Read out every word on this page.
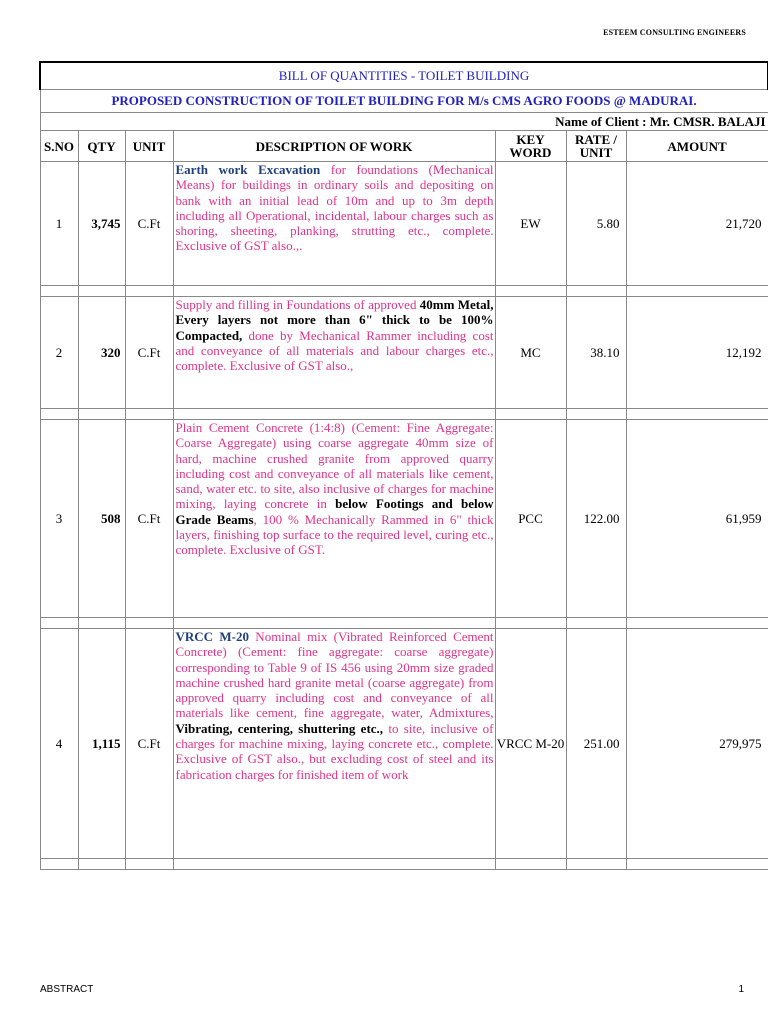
ESTEEM CONSULTING ENGINEERS
BILL OF QUANTITIES - TOILET BUILDING						
PROPOSED CONSTRUCTION OF TOILET BUILDING FOR M/s CMS AGRO FOODS @ MADURAI.						
Name of Client : Mr. CMSR. BALAJI						
S.NO	QTY	UNIT	DESCRIPTION OF WORK	KEY WORD	RATE / UNIT	AMOUNT
1	3,745	C.Ft	Earth work Excavation for foundations (Mechanical Means) for buildings in ordinary soils and depositing on bank with an initial lead of 10m and up to 3m depth including all Operational, incidental, labour charges such as shoring, sheeting, planking, strutting etc., complete. Exclusive of GST also.,.	EW	5.80	21,720

2	320	C.Ft	Supply and filling in Foundations of approved 40mm Metal, Every layers not more than 6" thick to be 100% Compacted, done by Mechanical Rammer including cost and conveyance of all materials and labour charges etc., complete. Exclusive of GST also.,	MC	38.10	12,192

3	508	C.Ft	Plain Cement Concrete (1:4:8) (Cement: Fine Aggregate: Coarse Aggregate) using coarse aggregate 40mm size of hard, machine crushed granite from approved quarry including cost and conveyance of all materials like cement, sand, water etc. to site, also inclusive of charges for machine mixing, laying concrete in below Footings and below Grade Beams, 100 % Mechanically Rammed in 6" thick layers, finishing top surface to the required level, curing etc., complete. Exclusive of GST.	PCC	122.00	61,959

4	1,115	C.Ft	VRCC M-20 Nominal mix (Vibrated Reinforced Cement Concrete) (Cement: fine aggregate: coarse aggregate) corresponding to Table 9 of IS 456 using 20mm size graded machine crushed hard granite metal (coarse aggregate) from approved quarry including cost and conveyance of all materials like cement, fine aggregate, water, Admixtures, Vibrating, centering, shuttering etc., to site, inclusive of charges for machine mixing, laying concrete etc., complete. Exclusive of GST also., but excluding cost of steel and its fabrication charges for finished item of work	VRCC M-20	251.00	279,975

ABSTRACT	1
